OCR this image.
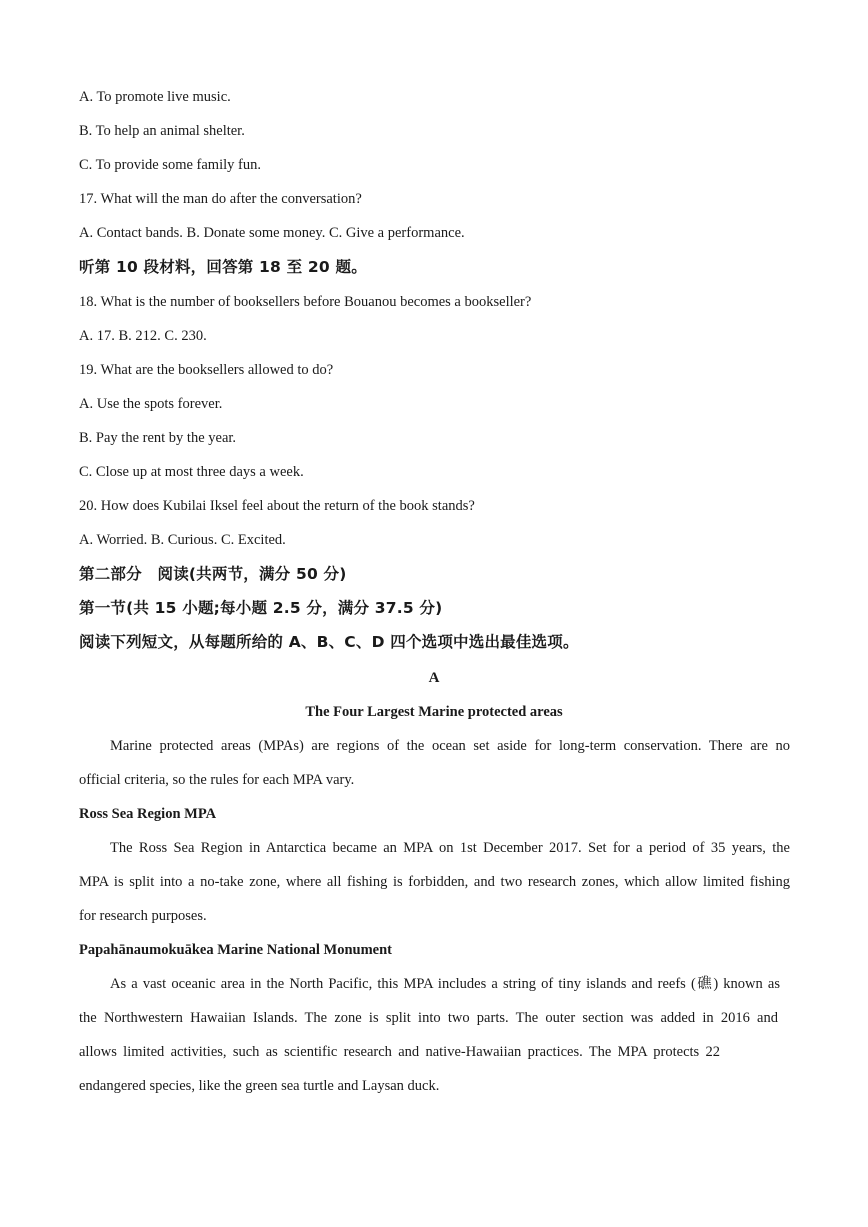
A. To promote live music.
B. To help an animal shelter.
C. To provide some family fun.
17. What will the man do after the conversation?
A. Contact bands. B. Donate some money. C. Give a performance.
听第 10 段材料，回答第 18 至 20 题。
18. What is the number of booksellers before Bouanou becomes a bookseller?
A. 17. B. 212. C. 230.
19. What are the booksellers allowed to do?
A. Use the spots forever.
B. Pay the rent by the year.
C. Close up at most three days a week.
20. How does Kubilai Iksel feel about the return of the book stands?
A. Worried. B. Curious. C. Excited.
第二部分　阅读(共两节，满分 50 分)
第一节(共 15 小题;每小题 2.5 分，满分 37.5 分)
阅读下列短文，从每题所给的 A、B、C、D 四个选项中选出最佳选项。
A
The Four Largest Marine protected areas
Marine protected areas (MPAs) are regions of the ocean set aside for long-term conservation. There are no
official criteria, so the rules for each MPA vary.
Ross Sea Region MPA
The Ross Sea Region in Antarctica became an MPA on 1st December 2017. Set for a period of 35 years, the
MPA is split into a no-take zone, where all fishing is forbidden, and two research zones, which allow limited fishing
for research purposes.
Papahānaumokuākea Marine National Monument
As a vast oceanic area in the North Pacific, this MPA includes a string of tiny islands and reefs (礁) known as
the Northwestern Hawaiian Islands. The zone is split into two parts. The outer section was added in 2016 and
allows limited activities, such as scientific research and native-Hawaiian practices. The MPA protects 22
endangered species, like the green sea turtle and Laysan duck.
